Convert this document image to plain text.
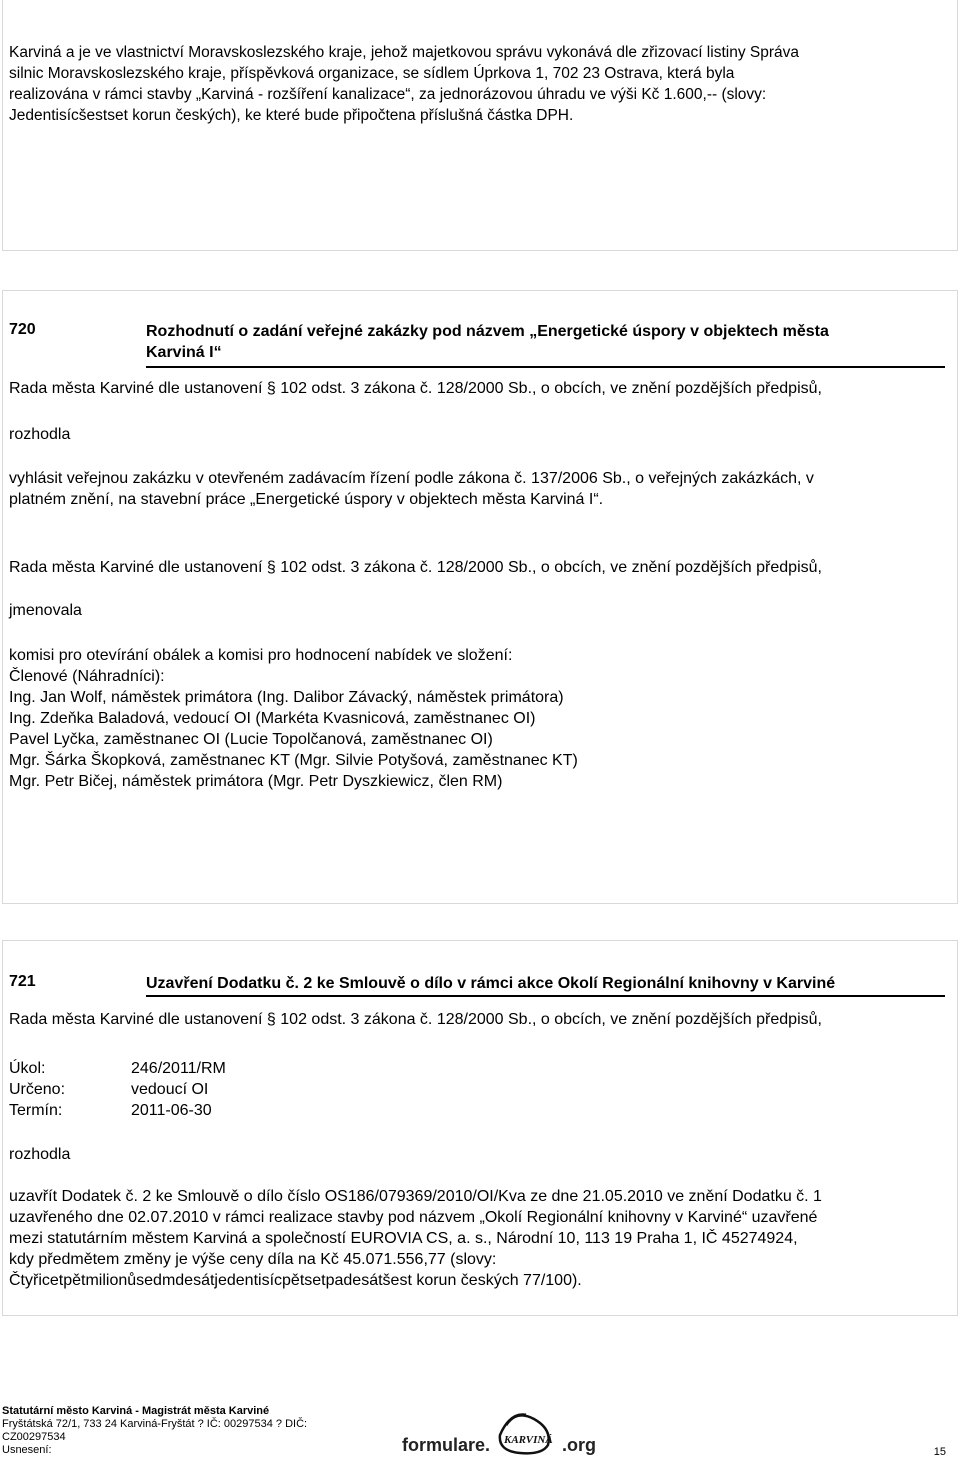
Karviná a je ve vlastnictví Moravskoslezského kraje, jehož majetkovou správu vykonává dle zřizovací listiny Správa
silnic Moravskoslezského kraje, příspěvková organizace, se sídlem Úprkova 1, 702 23 Ostrava, která byla
realizována v rámci stavby „Karviná - rozšíření kanalizace“, za jednorázovou úhradu ve výši Kč 1.600,-- (slovy:
Jedentisícšestset korun českých), ke které bude připočtena příslušná částka DPH.
720	Rozhodnutí o zadání veřejné zakázky pod názvem „Energetické úspory v objektech města
Karviná I“
Rada města Karviné dle ustanovení § 102 odst. 3 zákona č. 128/2000 Sb., o obcích, ve znění pozdějších předpisů,
rozhodla
vyhlásit veřejnou zakázku v otevřeném zadávacím řízení podle zákona č. 137/2006 Sb., o veřejných zakázkách, v
platném znění, na stavební práce „Energetické úspory v objektech města Karviná I“.
Rada města Karviné dle ustanovení § 102 odst. 3 zákona č. 128/2000 Sb., o obcích, ve znění pozdějších předpisů,
jmenovala
komisi pro otevírání obálek a komisi pro hodnocení nabídek ve složení:
Členové (Náhradníci):
Ing. Jan Wolf, náměstek primátora (Ing. Dalibor Závacký, náměstek primátora)
Ing. Zdeňka Baladová, vedoucí OI (Markéta Kvasnicová, zaměstnanec OI)
Pavel Lyčka, zaměstnanec OI (Lucie Topolčanová, zaměstnanec OI)
Mgr. Šárka Škopková, zaměstnanec KT (Mgr. Silvie Potyšová, zaměstnanec KT)
Mgr. Petr Bičej, náměstek primátora (Mgr. Petr Dyszkiewicz, člen RM)
721	Uzavření Dodatku č. 2 ke Smlouvě o dílo v rámci akce Okolí Regionální knihovny v Karviné
Rada města Karviné dle ustanovení § 102 odst. 3 zákona č. 128/2000 Sb., o obcích, ve znění pozdějších předpisů,
Úkol:	246/2011/RM
Určeno:	vedoucí OI
Termín:	2011-06-30
rozhodla
uzavřít Dodatek č. 2 ke Smlouvě o dílo číslo OS186/079369/2010/OI/Kva ze dne 21.05.2010 ve znění Dodatku č. 1
uzavřeného dne 02.07.2010 v rámci realizace stavby pod názvem „Okolí Regionální knihovny v Karviné“ uzavřené
mezi statutárním městem Karviná a společností EUROVIA CS, a. s., Národní 10, 113 19 Praha 1, IČ 45274924,
kdy předmětem změny je výše ceny díla na Kč 45.071.556,77 (slovy:
Čtyřicetpětmilionůsedmdesátjedentisícpětsetpadesátšest korun českých 77/100).
Statutární město Karviná - Magistrát města Karviné
Fryštátská 72/1, 733 24 Karviná-Fryštát ? IČ: 00297534 ? DIČ:
CZ00297534
Usnesení:	formulare. KARVINÁ .org	15
